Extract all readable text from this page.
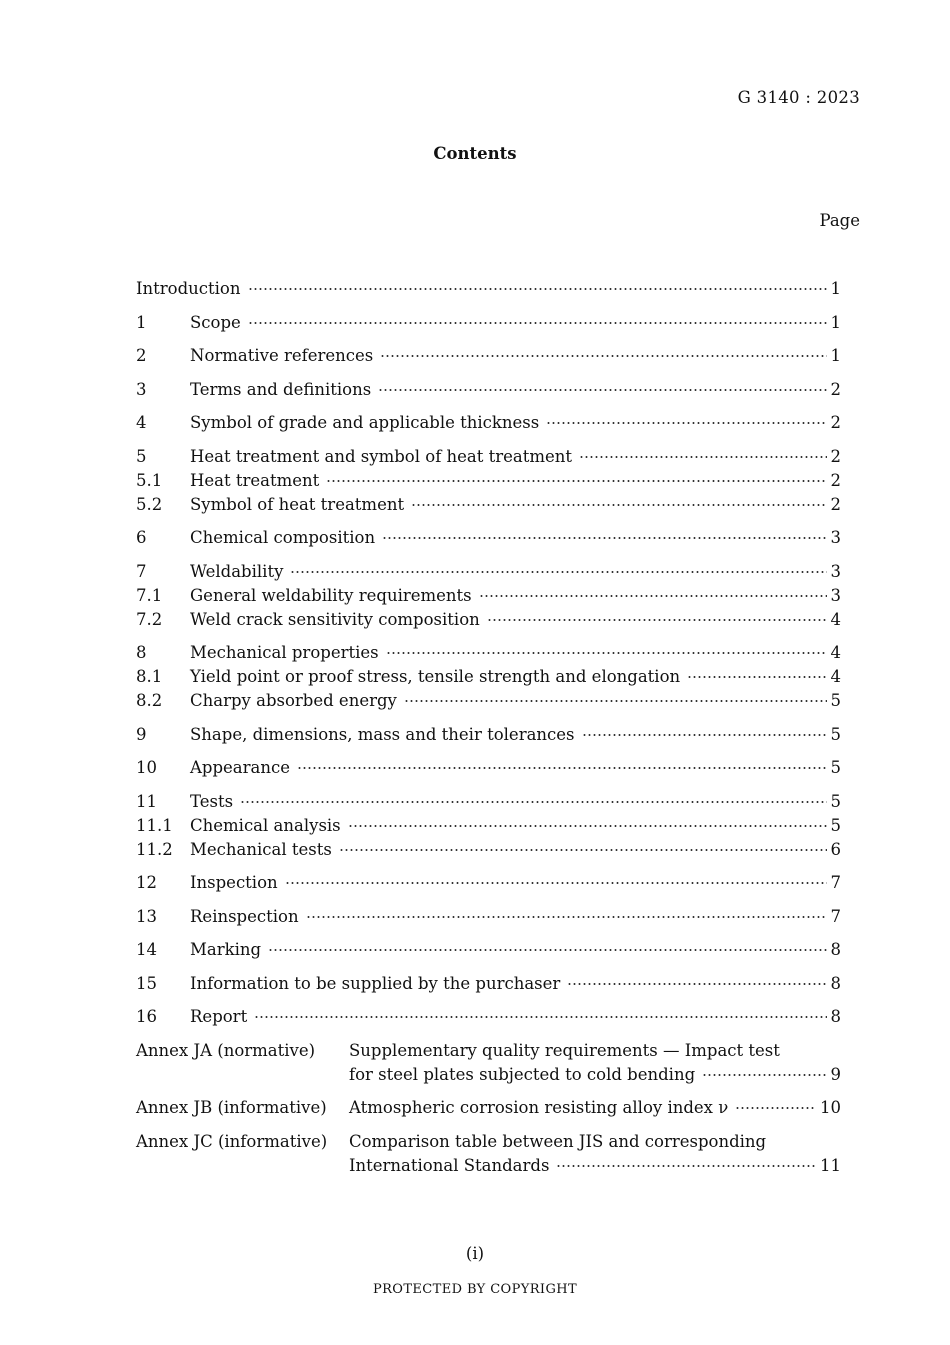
G 3140 : 2023
Contents
Page
Introduction	1
1	Scope	1
2	Normative references	1
3	Terms and definitions	2
4	Symbol of grade and applicable thickness	2
5	Heat treatment and symbol of heat treatment	2
5.1	Heat treatment	2
5.2	Symbol of heat treatment	2
6	Chemical composition	3
7	Weldability	3
7.1	General weldability requirements	3
7.2	Weld crack sensitivity composition	4
8	Mechanical properties	4
8.1	Yield point or proof stress, tensile strength and elongation	4
8.2	Charpy absorbed energy	5
9	Shape, dimensions, mass and their tolerances	5
10	Appearance	5
11	Tests	5
11.1	Chemical analysis	5
11.2	Mechanical tests	6
12	Inspection	7
13	Reinspection	7
14	Marking	8
15	Information to be supplied by the purchaser	8
16	Report	8
Annex JA (normative)	Supplementary quality requirements — Impact test
for steel plates subjected to cold bending	9
Annex JB (informative)	Atmospheric corrosion resisting alloy index ν	10
Annex JC (informative)	Comparison table between JIS and corresponding
International Standards	11
(i)
PROTECTED BY COPYRIGHT
